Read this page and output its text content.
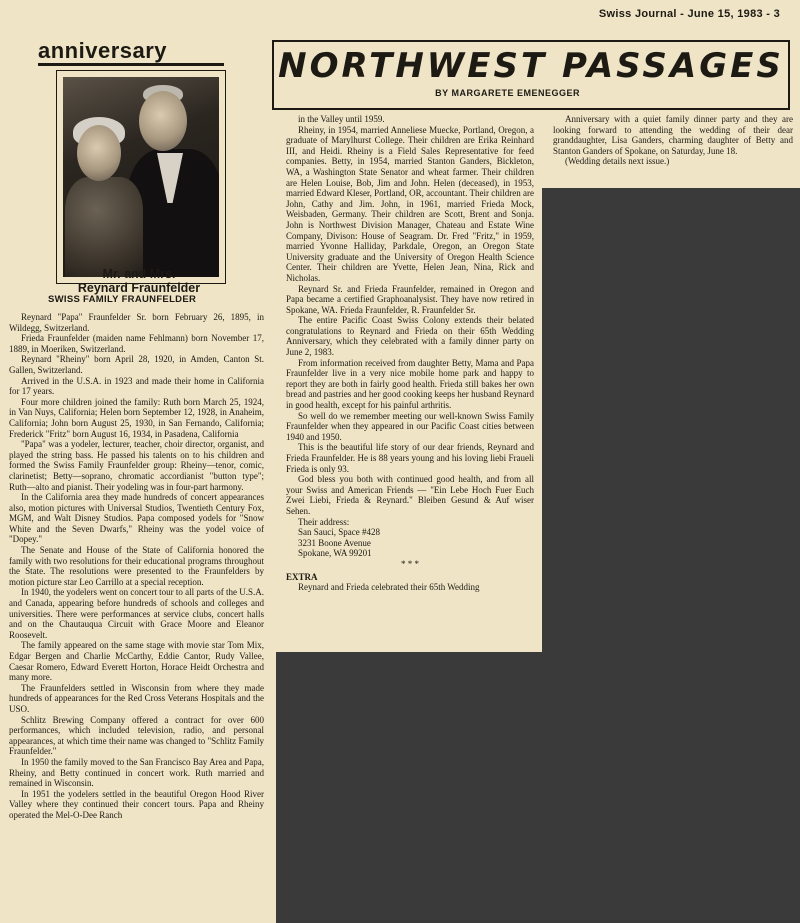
Swiss Journal - June 15, 1983 - 3
anniversary
Mr. and Mrs.
Reynard Fraunfelder
SWISS FAMILY FRAUNFELDER

Reynard "Papa" Fraunfelder Sr. born February 26, 1895, in Wildegg, Switzerland.

Frieda Fraunfelder (maiden name Fehlmann) born November 17, 1889, in Moeriken, Switzerland.

Reynard "Rheiny" born April 28, 1920, in Amden, Canton St. Gallen, Switzerland.

Arrived in the U.S.A. in 1923 and made their home in California for 17 years.

Four more children joined the family: Ruth born March 25, 1924, in Van Nuys, California; Helen born September 12, 1928, in Anaheim, California; John born August 25, 1930, in San Fernando, California; Frederick "Fritz" born August 16, 1934, in Pasadena, California

"Papa" was a yodeler, lecturer, teacher, choir director, organist, and played the string bass. He passed his talents on to his children and formed the Swiss Family Fraunfelder group: Rheiny—tenor, comic, clarinetist; Betty—soprano, chromatic accordianist "button type"; Ruth—alto and pianist. Their yodeling was in four-part harmony.

In the California area they made hundreds of concert appearances also, motion pictures with Universal Studios, Twentieth Century Fox, MGM, and Walt Disney Studios. Papa composed yodels for "Snow White and the Seven Dwarfs," Rheiny was the yodel voice of "Dopey."

The Senate and House of the State of California honored the family with two resolutions for their educational programs throughout the State. The resolutions were presented to the Fraunfelders by motion picture star Leo Carrillo at a special reception.

In 1940, the yodelers went on concert tour to all parts of the U.S.A. and Canada, appearing before hundreds of schools and colleges and universities. There were performances at service clubs, concert halls and on the Chautauqua Circuit with Grace Moore and Eleanor Roosevelt.

The family appeared on the same stage with movie star Tom Mix, Edgar Bergen and Charlie McCarthy, Eddie Cantor, Rudy Vallee, Caesar Romero, Edward Everett Horton, Horace Heidt Orchestra and many more.

The Fraunfelders settled in Wisconsin from where they made hundreds of appearances for the Red Cross Veterans Hospitals and the USO.

Schlitz Brewing Company offered a contract for over 600 performances, which included television, radio, and personal appearances, at which time their name was changed to "Schlitz Family Fraunfelder."

In 1950 the family moved to the San Francisco Bay Area and Papa, Rheiny, and Betty continued in concert work. Ruth married and remained in Wisconsin.

In 1951 the yodelers settled in the beautiful Oregon Hood River Valley where they continued their concert tours. Papa and Rheiny operated the Mel-O-Dee Ranch

NORTHWEST PASSAGES
BY MARGARETE EMENEGGER

in the Valley until 1959.

Rheiny, in 1954, married Anneliese Muecke, Portland, Oregon, a graduate of Marylhurst College. Their children are Erika Reinhard III, and Heidi. Rheiny is a Field Sales Representative for feed companies. Betty, in 1954, married Stanton Ganders, Bickleton, WA, a Washington State Senator and wheat farmer. Their children are Helen Louise, Bob, Jim and John. Helen (deceased), in 1953, married Edward Kleser, Portland, OR, accountant. Their children are John, Cathy and Jim. John, in 1961, married Frieda Mock, Weisbaden, Germany. Their children are Scott, Brent and Sonja. John is Northwest Division Manager, Chateau and Estate Wine Company, Divison: House of Seagram. Dr. Fred "Fritz," in 1959, married Yvonne Halliday, Parkdale, Oregon, an Oregon State University graduate and the University of Oregon Health Science Center. Their children are Yvette, Helen Jean, Nina, Rick and Nicholas.

Reynard Sr. and Frieda Fraunfelder, remained in Oregon and Papa became a certified Graphoanalysist. They have now retired in Spokane, WA. Frieda Fraunfelder, R. Fraunfelder Sr.

The entire Pacific Coast Swiss Colony extends their belated congratulations to Reynard and Frieda on their 65th Wedding Anniversary, which they celebrated with a family dinner party on June 2, 1983.

From information received from daughter Betty, Mama and Papa Fraunfelder live in a very nice mobile home park and happy to report they are both in fairly good health. Frieda still bakes her own bread and pastries and her good cooking keeps her husband Reynard in good health, except for his painful arthritis.

So well do we remember meeting our well-known Swiss Family Fraunfelder when they appeared in our Pacific Coast cities between 1940 and 1950.

This is the beautiful life story of our dear friends, Reynard and Frieda Fraunfelder. He is 88 years young and his loving liebi Fraueli Frieda is only 93.

God bless you both with continued good health, and from all your Swiss and American Friends — "Ein Lebe Hoch Fuer Euch Zwei Liebi, Frieda & Reynard." Bleiben Gesund & Auf wiser Sehen.

Their address:

San Sauci, Space #428

3231 Boone Avenue

Spokane, WA 99201

* * *

EXTRA

Reynard and Frieda celebrated their 65th Wedding

Anniversary with a quiet family dinner party and they are looking forward to attending the wedding of their dear granddaughter, Lisa Ganders, charming daughter of Betty and Stanton Ganders of Spokane, on Saturday, June 18.

(Wedding details next issue.)
